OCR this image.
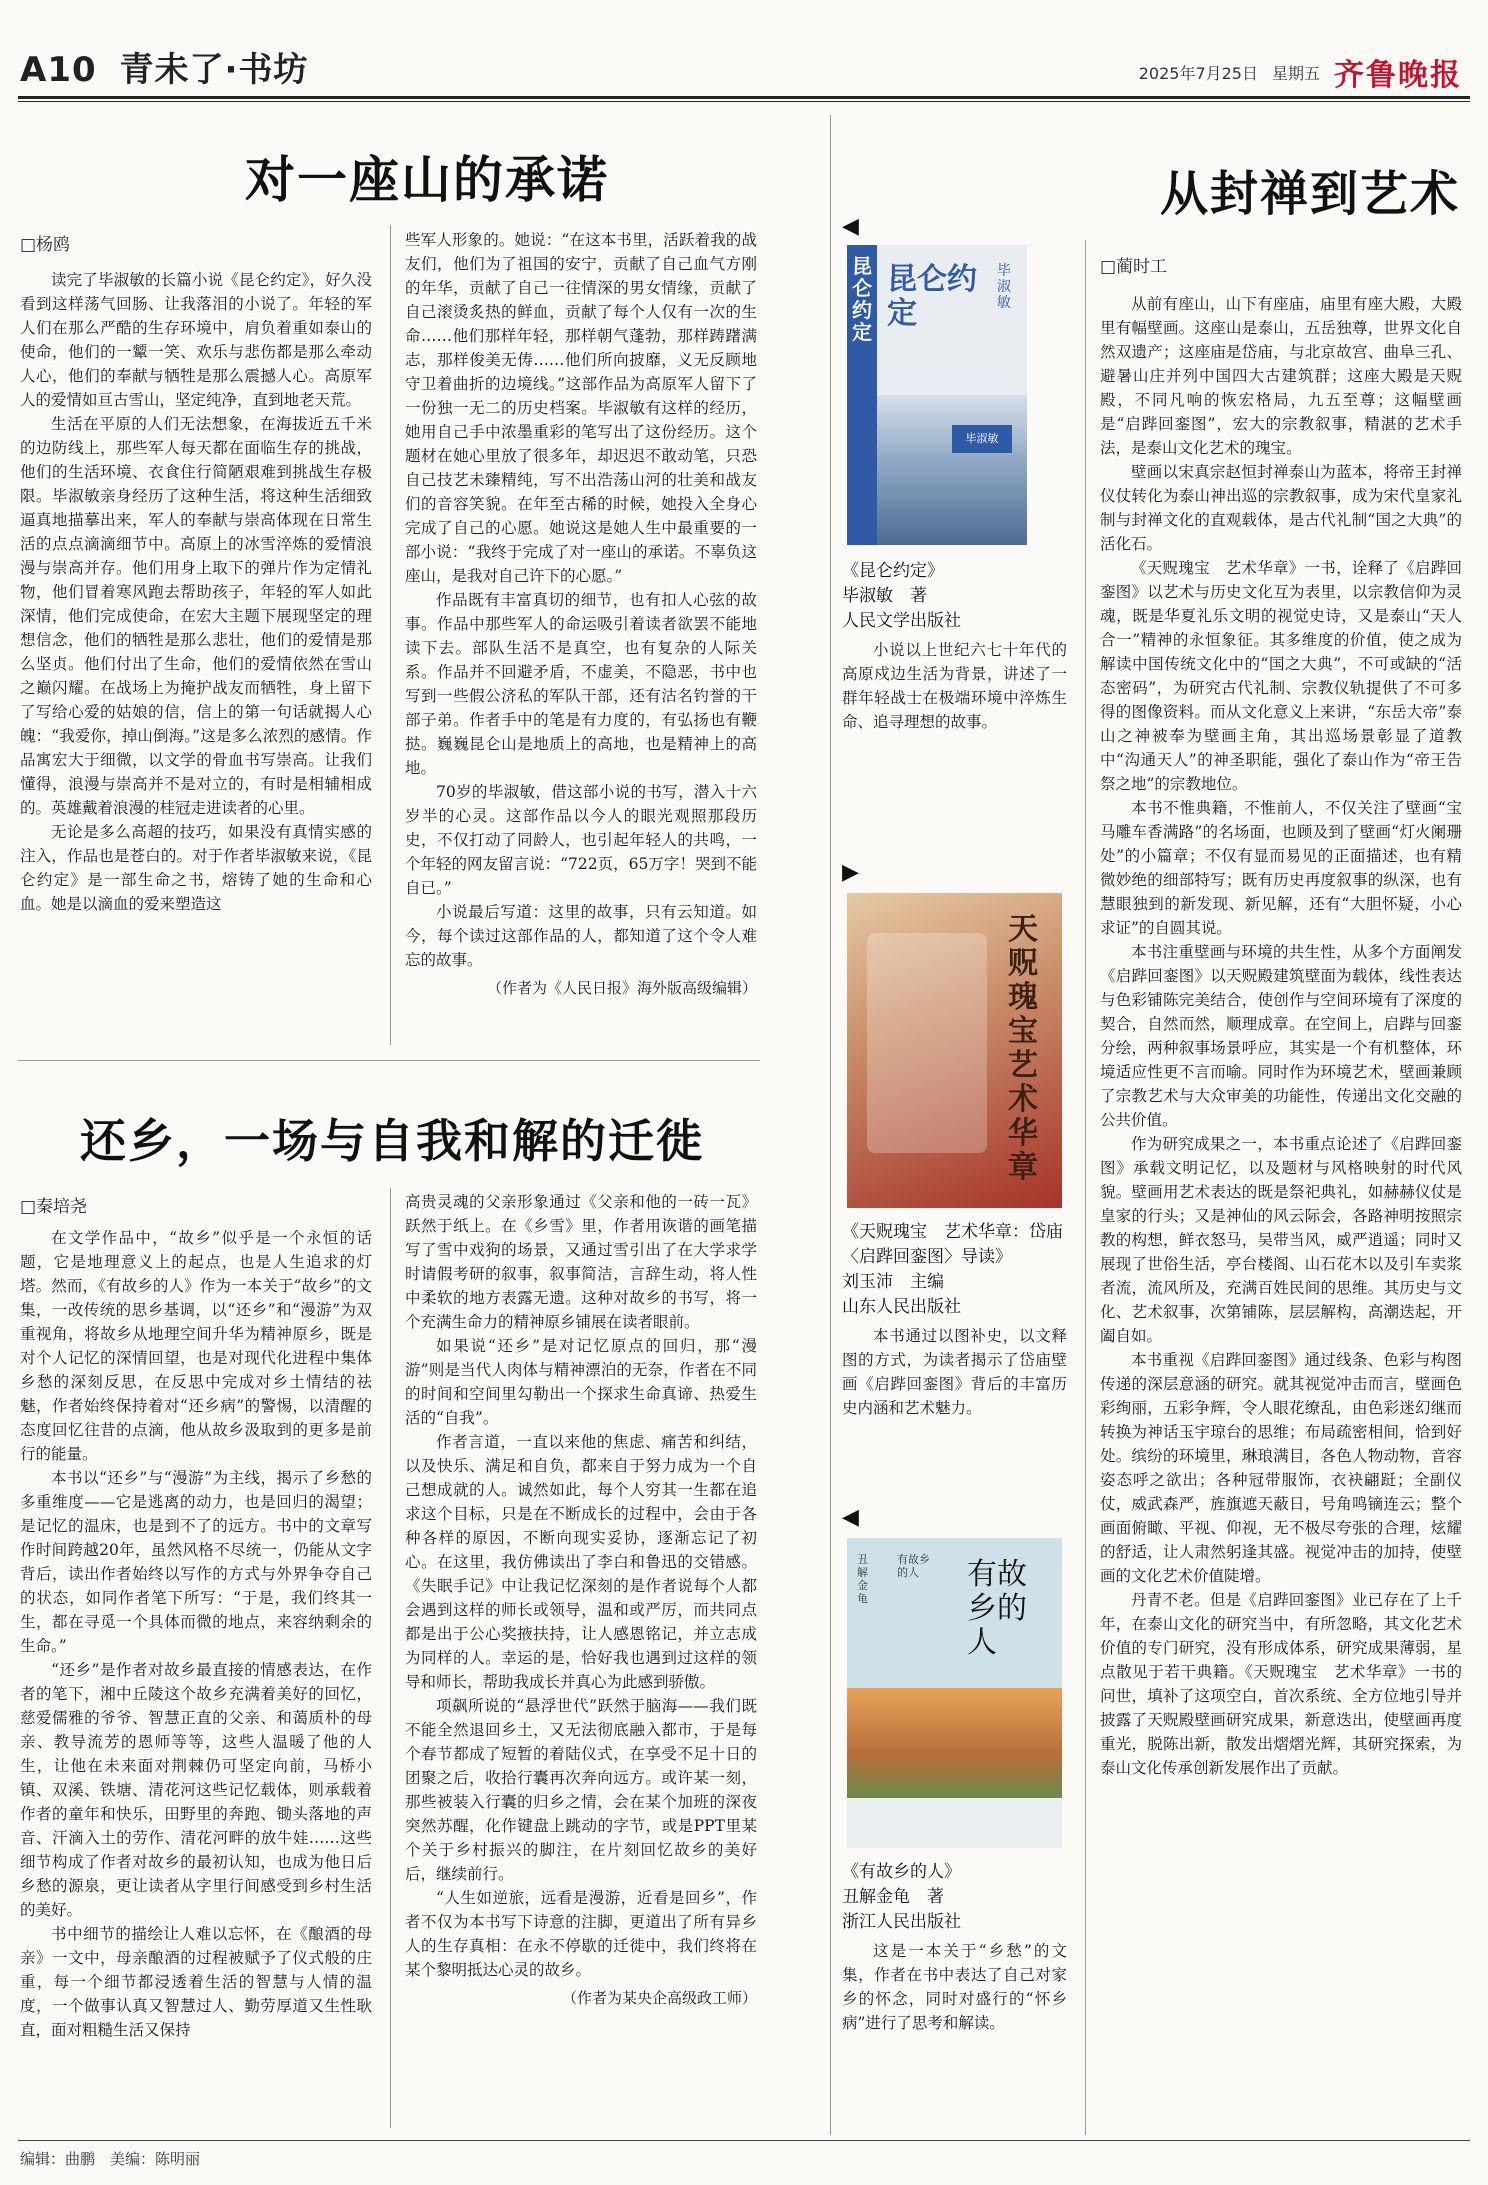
A10 青未了·书坊	2025年7月25日 星期五 齐鲁晚报
对一座山的承诺
□杨鸥

读完了毕淑敏的长篇小说《昆仑约定》，好久没看到这样荡气回肠、让我落泪的小说了。年轻的军人们在那么严酷的生存环境中，肩负着重如泰山的使命，他们的一颦一笑、欢乐与悲伤都是那么牵动人心，他们的奉献与牺牲是那么震撼人心。高原军人的爱情如亘古雪山，坚定纯净，直到地老天荒。

生活在平原的人们无法想象，在海拔近五千米的边防线上，那些军人每天都在面临生存的挑战，他们的生活环境、衣食住行简陋艰难到挑战生存极限。毕淑敏亲身经历了这种生活，将这种生活细致逼真地描摹出来，军人的奉献与崇高体现在日常生活的点点滴滴细节中。高原上的冰雪淬炼的爱情浪漫与崇高并存。他们用身上取下的弹片作为定情礼物，他们冒着寒风跑去帮助孩子，年轻的军人如此深情，他们完成使命，在宏大主题下展现坚定的理想信念，他们的牺牲是那么悲壮，他们的爱情是那么坚贞。他们付出了生命，他们的爱情依然在雪山之巅闪耀。在战场上为掩护战友而牺牲，身上留下了写给心爱的姑娘的信，信上的第一句话就揭人心魄：“我爱你，掉山倒海。”这是多么浓烈的感情。作品寓宏大于细微，以文学的骨血书写崇高。让我们懂得，浪漫与崇高并不是对立的，有时是相辅相成的。英雄戴着浪漫的桂冠走进读者的心里。

无论是多么高超的技巧，如果没有真情实感的注入，作品也是苍白的。对于作者毕淑敏来说，《昆仑约定》是一部生命之书，熔铸了她的生命和心血。她是以滴血的爱来塑造这

些军人形象的。她说：“在这本书里，活跃着我的战友们，他们为了祖国的安宁，贡献了自己血气方刚的年华，贡献了自己一往情深的男女情缘，贡献了自己滚烫炙热的鲜血，贡献了每个人仅有一次的生命……他们那样年轻，那样朝气蓬勃，那样踌躇满志，那样俊美无俦……他们所向披靡，义无反顾地守卫着曲折的边境线。”这部作品为高原军人留下了一份独一无二的历史档案。毕淑敏有这样的经历，她用自己手中浓墨重彩的笔写出了这份经历。这个题材在她心里放了很多年，却迟迟不敢动笔，只恐自己技艺未臻精纯，写不出浩荡山河的壮美和战友们的音容笑貌。在年至古稀的时候，她投入全身心完成了自己的心愿。她说这是她人生中最重要的一部小说：“我终于完成了对一座山的承诺。不辜负这座山，是我对自己许下的心愿。”

作品既有丰富真切的细节，也有扣人心弦的故事。作品中那些军人的命运吸引着读者欲罢不能地读下去。部队生活不是真空，也有复杂的人际关系。作品并不回避矛盾，不虚美，不隐恶，书中也写到一些假公济私的军队干部，还有沽名钓誉的干部子弟。作者手中的笔是有力度的，有弘扬也有鞭挞。巍巍昆仑山是地质上的高地，也是精神上的高地。

70岁的毕淑敏，借这部小说的书写，潜入十六岁半的心灵。这部作品以今人的眼光观照那段历史，不仅打动了同龄人，也引起年轻人的共鸣，一个年轻的网友留言说：“722页，65万字！哭到不能自已。”

小说最后写道：这里的故事，只有云知道。如今，每个读过这部作品的人，都知道了这个令人难忘的故事。

（作者为《人民日报》海外版高级编辑）
还乡，一场与自我和解的迁徙
□秦培尧

在文学作品中，“故乡”似乎是一个永恒的话题，它是地理意义上的起点，也是人生追求的灯塔。然而，《有故乡的人》作为一本关于“故乡”的文集，一改传统的思乡基调，以“还乡”和“漫游”为双重视角，将故乡从地理空间升华为精神原乡，既是对个人记忆的深情回望，也是对现代化进程中集体乡愁的深刻反思，在反思中完成对乡土情结的祛魅，作者始终保持着对“还乡病”的警惕，以清醒的态度回忆往昔的点滴，他从故乡汲取到的更多是前行的能量。

本书以“还乡”与“漫游”为主线，揭示了乡愁的多重维度——它是逃离的动力，也是回归的渴望；是记忆的温床，也是到不了的远方。书中的文章写作时间跨越20年，虽然风格不尽统一，仍能从文字背后，读出作者始终以写作的方式与外界争夺自己的状态，如同作者笔下所写：“于是，我们终其一生，都在寻觅一个具体而微的地点，来容纳剩余的生命。”

“还乡”是作者对故乡最直接的情感表达，在作者的笔下，湘中丘陵这个故乡充满着美好的回忆，慈爱儒雅的爷爷、智慧正直的父亲、和蔼质朴的母亲、教导流芳的恩师等等，这些人温暖了他的人生，让他在未来面对荆棘仍可坚定向前，马桥小镇、双溪、铁塘、清花河这些记忆载体，则承载着作者的童年和快乐，田野里的奔跑、锄头落地的声音、汗滴入土的劳作、清花河畔的放牛娃……这些细节构成了作者对故乡的最初认知，也成为他日后乡愁的源泉，更让读者从字里行间感受到乡村生活的美好。

书中细节的描绘让人难以忘怀，在《酿酒的母亲》一文中，母亲酿酒的过程被赋予了仪式般的庄重，每一个细节都浸透着生活的智慧与人情的温度，一个做事认真又智慧过人、勤劳厚道又生性耿直，面对粗糙生活又保持

高贵灵魂的父亲形象通过《父亲和他的一砖一瓦》跃然于纸上。在《乡雪》里，作者用诙谐的画笔描写了雪中戏狗的场景，又通过雪引出了在大学求学时请假考研的叙事，叙事简洁，言辞生动，将人性中柔软的地方表露无遗。这种对故乡的书写，将一个充满生命力的精神原乡铺展在读者眼前。

如果说“还乡”是对记忆原点的回归，那“漫游”则是当代人肉体与精神漂泊的无奈，作者在不同的时间和空间里勾勒出一个探求生命真谛、热爱生活的“自我”。

作者言道，一直以来他的焦虑、痛苦和纠结，以及快乐、满足和自负，都来自于努力成为一个自己想成就的人。诚然如此，每个人穷其一生都在追求这个目标，只是在不断成长的过程中，会由于各种各样的原因，不断向现实妥协，逐渐忘记了初心。在这里，我仿佛读出了李白和鲁迅的交错感。《失眠手记》中让我记忆深刻的是作者说每个人都会遇到这样的师长或领导，温和或严厉，而共同点都是出于公心奖掖扶持，让人感恩铭记，并立志成为同样的人。幸运的是，恰好我也遇到过这样的领导和师长，帮助我成长并真心为此感到骄傲。

项飙所说的“悬浮世代”跃然于脑海——我们既不能全然退回乡土，又无法彻底融入都市，于是每个春节都成了短暂的着陆仪式，在享受不足十日的团聚之后，收拾行囊再次奔向远方。或许某一刻，那些被装入行囊的归乡之情，会在某个加班的深夜突然苏醒，化作键盘上跳动的字节，或是PPT里某个关于乡村振兴的脚注，在片刻回忆故乡的美好后，继续前行。

“人生如逆旅，远看是漫游，近看是回乡”，作者不仅为本书写下诗意的注脚，更道出了所有异乡人的生存真相：在永不停歇的迁徙中，我们终将在某个黎明抵达心灵的故乡。

（作者为某央企高级政工师）
◀
昆仑约定
昆仑约定
毕淑敏
毕淑敏
《昆仑约定》
毕淑敏　著
人民文学出版社
小说以上世纪六七十年代的高原戍边生活为背景，讲述了一群年轻战士在极端环境中淬炼生命、追寻理想的故事。
▶
天贶瑰宝 艺术华章
《天贶瑰宝　艺术华章：岱庙〈启跸回銮图〉导读》
刘玉沛　主编
山东人民出版社
本书通过以图补史，以文释图的方式，为读者揭示了岱庙壁画《启跸回銮图》背后的丰富历史内涵和艺术魅力。
◀
丑解金龟
有故乡的人	有故乡的人
《有故乡的人》
丑解金龟　著
浙江人民出版社
这是一本关于“乡愁”的文集，作者在书中表达了自己对家乡的怀念，同时对盛行的“怀乡病”进行了思考和解读。
从封禅到艺术
□蔺时工

从前有座山，山下有座庙，庙里有座大殿，大殿里有幅壁画。这座山是泰山，五岳独尊，世界文化自然双遗产；这座庙是岱庙，与北京故宫、曲阜三孔、避暑山庄并列中国四大古建筑群；这座大殿是天贶殿，不同凡响的恢宏格局，九五至尊；这幅壁画是“启跸回銮图”，宏大的宗教叙事，精湛的艺术手法，是泰山文化艺术的瑰宝。

壁画以宋真宗赵恒封禅泰山为蓝本，将帝王封禅仪仗转化为泰山神出巡的宗教叙事，成为宋代皇家礼制与封禅文化的直观载体，是古代礼制“国之大典”的活化石。

《天贶瑰宝　艺术华章》一书，诠释了《启跸回銮图》以艺术与历史文化互为表里，以宗教信仰为灵魂，既是华夏礼乐文明的视觉史诗，又是泰山“天人合一”精神的永恒象征。其多维度的价值，使之成为解读中国传统文化中的“国之大典”，不可或缺的“活态密码”，为研究古代礼制、宗教仪轨提供了不可多得的图像资料。而从文化意义上来讲，“东岳大帝”泰山之神被奉为壁画主角，其出巡场景彰显了道教中“沟通天人”的神圣职能，强化了泰山作为“帝王告祭之地”的宗教地位。

本书不惟典籍，不惟前人，不仅关注了壁画“宝马雕车香满路”的名场面，也顾及到了壁画“灯火阑珊处”的小篇章；不仅有显而易见的正面描述，也有精微妙绝的细部特写；既有历史再度叙事的纵深，也有慧眼独到的新发现、新见解，还有“大胆怀疑，小心求证”的自圆其说。

本书注重壁画与环境的共生性，从多个方面阐发《启跸回銮图》以天贶殿建筑壁面为载体，线性表达与色彩铺陈完美结合，使创作与空间环境有了深度的契合，自然而然，顺理成章。在空间上，启跸与回銮分绘，两种叙事场景呼应，其实是一个有机整体，环境适应性更不言而喻。同时作为环境艺术，壁画兼顾了宗教艺术与大众审美的功能性，传递出文化交融的公共价值。

作为研究成果之一，本书重点论述了《启跸回銮图》承载文明记忆，以及题材与风格映射的时代风貌。壁画用艺术表达的既是祭祀典礼，如赫赫仪仗是皇家的行头；又是神仙的风云际会，各路神明按照宗教的构想，鲜衣怒马，吴带当风，威严逍遥；同时又展现了世俗生活，亭台楼阁、山石花木以及引车卖浆者流，流风所及，充满百姓民间的思维。其历史与文化、艺术叙事，次第铺陈，层层解构，高潮迭起，开阖自如。

本书重视《启跸回銮图》通过线条、色彩与构图传递的深层意涵的研究。就其视觉冲击而言，壁画色彩绚丽，五彩争辉，令人眼花缭乱，由色彩迷幻继而转换为神话玉宇琼台的思维；布局疏密相间，恰到好处。缤纷的环境里，琳琅满目，各色人物动物，音容姿态呼之欲出；各种冠带服饰，衣袂翩跹；全副仪仗，威武森严，旌旗遮天蔽日，号角鸣镝连云；整个画面俯瞰、平视、仰视，无不极尽夸张的合理，炫耀的舒适，让人肃然躬逢其盛。视觉冲击的加持，使壁画的文化艺术价值陡增。

丹青不老。但是《启跸回銮图》业已存在了上千年，在泰山文化的研究当中，有所忽略，其文化艺术价值的专门研究，没有形成体系，研究成果薄弱，星点散见于若干典籍。《天贶瑰宝　艺术华章》一书的问世，填补了这项空白，首次系统、全方位地引导并披露了天贶殿壁画研究成果，新意迭出，使壁画再度重光，脱陈出新，散发出熠熠光辉，其研究探索，为泰山文化传承创新发展作出了贡献。

编辑：曲鹏　美编：陈明丽
